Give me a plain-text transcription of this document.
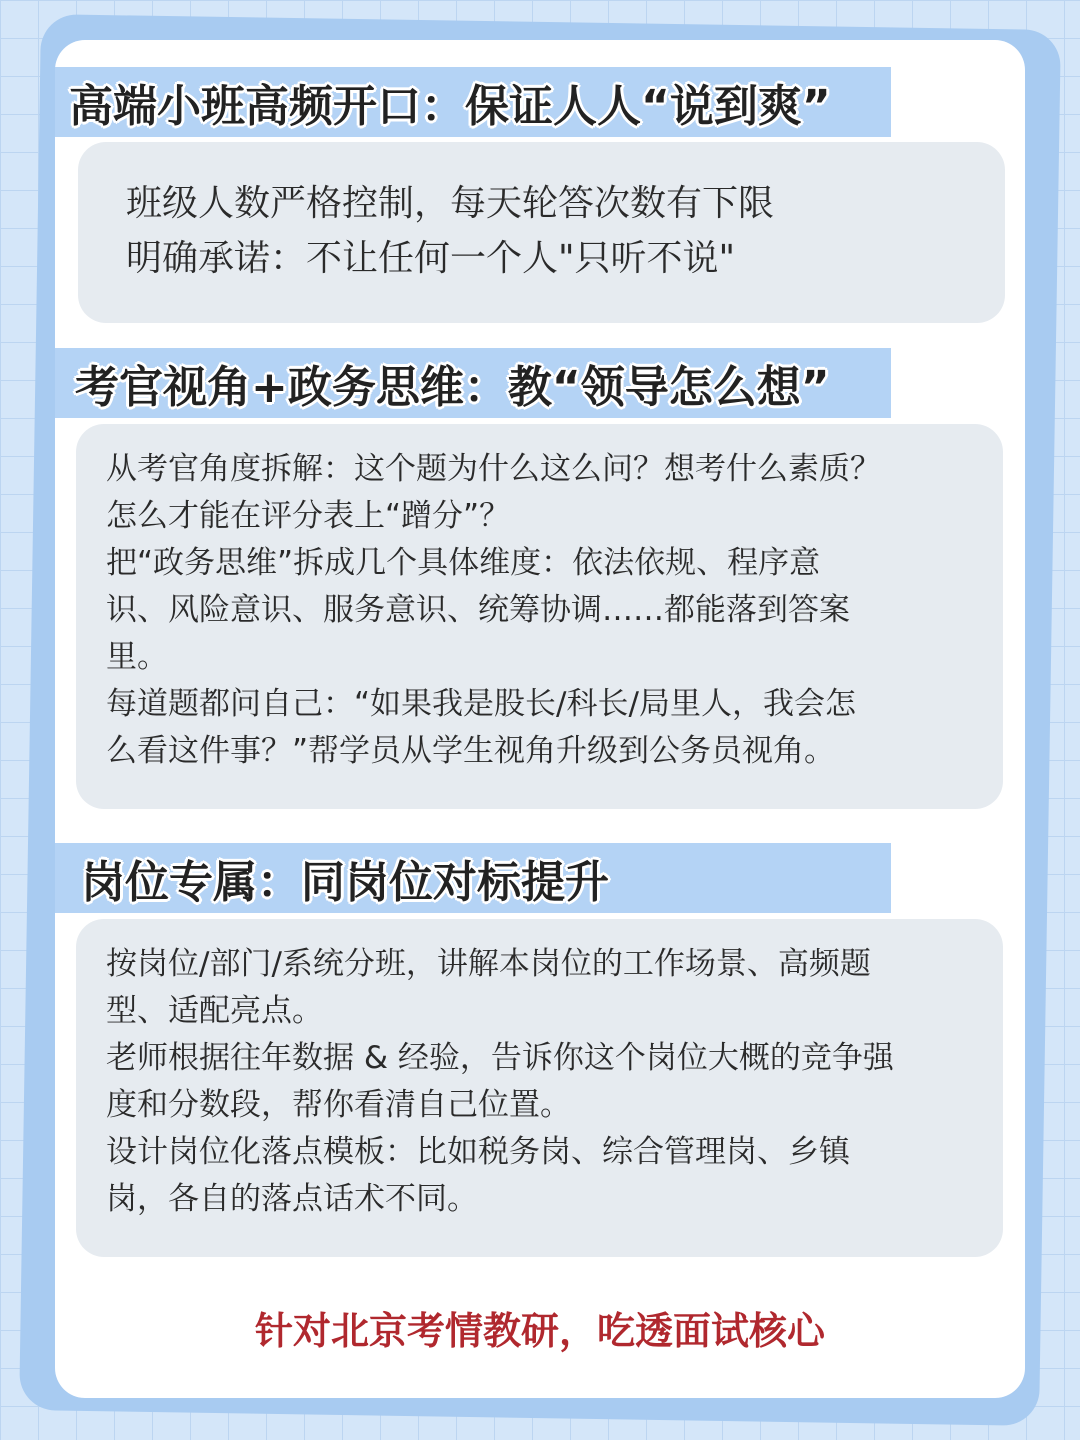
高端小班高频开口：保证人人“说到爽”
班级人数严格控制，每天轮答次数有下限
明确承诺：不让任何一个人"只听不说"
考官视角+政务思维：教“领导怎么想”
从考官角度拆解：这个题为什么这么问？想考什么素质？
怎么才能在评分表上“蹭分”？
把“政务思维”拆成几个具体维度：依法依规、程序意
识、风险意识、服务意识、统筹协调……都能落到答案
里。
每道题都问自己：“如果我是股长/科长/局里人，我会怎
么看这件事？”帮学员从学生视角升级到公务员视角。
岗位专属：同岗位对标提升
按岗位/部门/系统分班，讲解本岗位的工作场景、高频题
型、适配亮点。
老师根据往年数据 & 经验，告诉你这个岗位大概的竞争强
度和分数段，帮你看清自己位置。
设计岗位化落点模板：比如税务岗、综合管理岗、乡镇
岗，各自的落点话术不同。
针对北京考情教研，吃透面试核心
